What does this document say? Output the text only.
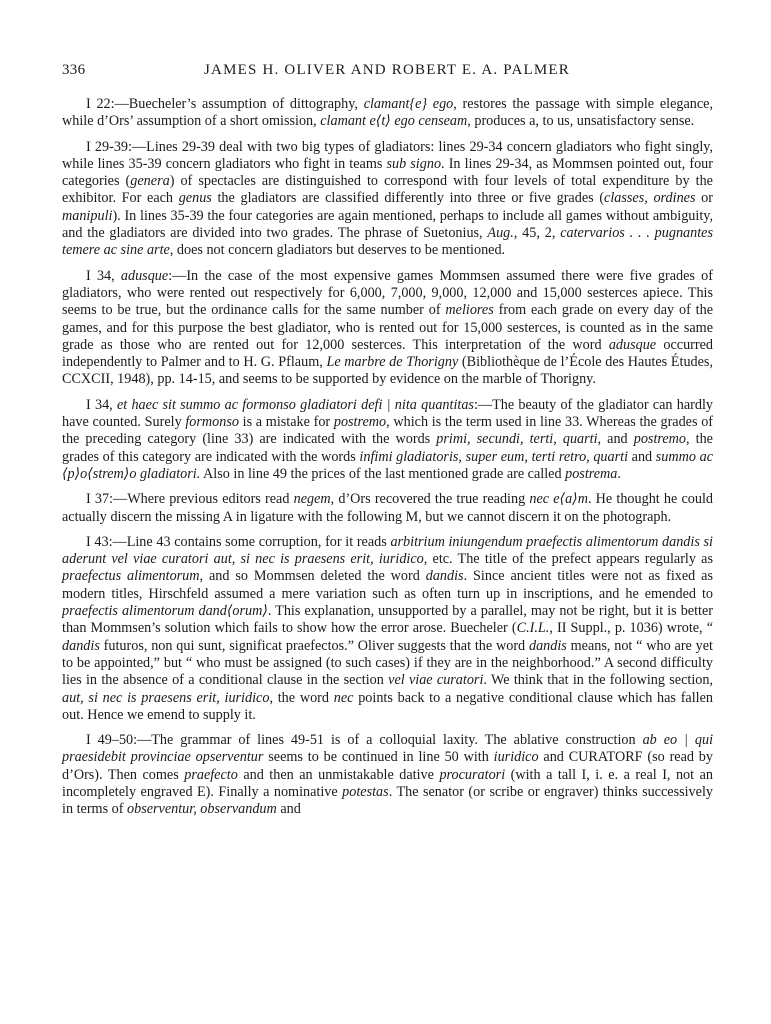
336	JAMES H. OLIVER AND ROBERT E. A. PALMER

I 22:—Buecheler’s assumption of dittography, clamant{e} ego, restores the passage with simple elegance, while d’Ors’ assumption of a short omission, clamant e⟨t⟩ ego censeam, produces a, to us, unsatisfactory sense.

I 29-39:—Lines 29-39 deal with two big types of gladiators: lines 29-34 concern gladiators who fight singly, while lines 35-39 concern gladiators who fight in teams sub signo. In lines 29-34, as Mommsen pointed out, four categories (genera) of spectacles are distinguished to correspond with four levels of total expenditure by the exhibitor. For each genus the gladiators are classified differently into three or five grades (classes, ordines or manipuli). In lines 35-39 the four categories are again mentioned, perhaps to include all games without ambiguity, and the gladiators are divided into two grades. The phrase of Suetonius, Aug., 45, 2, catervarios . . . pugnantes temere ac sine arte, does not concern gladiators but deserves to be mentioned.

I 34, adusque:—In the case of the most expensive games Mommsen assumed there were five grades of gladiators, who were rented out respectively for 6,000, 7,000, 9,000, 12,000 and 15,000 sesterces apiece. This seems to be true, but the ordinance calls for the same number of meliores from each grade on every day of the games, and for this purpose the best gladiator, who is rented out for 15,000 sesterces, is counted as in the same grade as those who are rented out for 12,000 sesterces. This interpretation of the word adusque occurred independently to Palmer and to H. G. Pflaum, Le marbre de Thorigny (Bibliothèque de l’École des Hautes Études, CCXCII, 1948), pp. 14-15, and seems to be supported by evidence on the marble of Thorigny.

I 34, et haec sit summo ac formonso gladiatori defi | nita quantitas:—The beauty of the gladiator can hardly have counted. Surely formonso is a mistake for postremo, which is the term used in line 33. Whereas the grades of the preceding category (line 33) are indicated with the words primi, secundi, terti, quarti, and postremo, the grades of this category are indicated with the words infimi gladiatoris, super eum, terti retro, quarti and summo ac ⟨p⟩o⟨strem⟩o gladiatori. Also in line 49 the prices of the last mentioned grade are called postrema.

I 37:—Where previous editors read negem, d’Ors recovered the true reading nec e⟨a⟩m. He thought he could actually discern the missing A in ligature with the following M, but we cannot discern it on the photograph.

I 43:—Line 43 contains some corruption, for it reads arbitrium iniungendum praefectis alimentorum dandis si aderunt vel viae curatori aut, si nec is praesens erit, iuridico, etc. The title of the prefect appears regularly as praefectus alimentorum, and so Mommsen deleted the word dandis. Since ancient titles were not as fixed as modern titles, Hirschfeld assumed a mere variation such as often turn up in inscriptions, and he emended to praefectis alimentorum dand⟨orum⟩. This explanation, unsupported by a parallel, may not be right, but it is better than Mommsen’s solution which fails to show how the error arose. Buecheler (C.I.L., II Suppl., p. 1036) wrote, “ dandis futuros, non qui sunt, significat praefectos.” Oliver suggests that the word dandis means, not “ who are yet to be appointed,” but “ who must be assigned (to such cases) if they are in the neighborhood.” A second difficulty lies in the absence of a conditional clause in the section vel viae curatori. We think that in the following section, aut, si nec is praesens erit, iuridico, the word nec points back to a negative conditional clause which has fallen out. Hence we emend to supply it.

I 49–50:—The grammar of lines 49-51 is of a colloquial laxity. The ablative construction ab eo | qui praesidebit provinciae opserventur seems to be continued in line 50 with iuridico and CURATORF (so read by d’Ors). Then comes praefecto and then an unmistakable dative procuratori (with a tall I, i. e. a real I, not an incompletely engraved E). Finally a nominative potestas. The senator (or scribe or engraver) thinks successively in terms of observentur, observandum and
